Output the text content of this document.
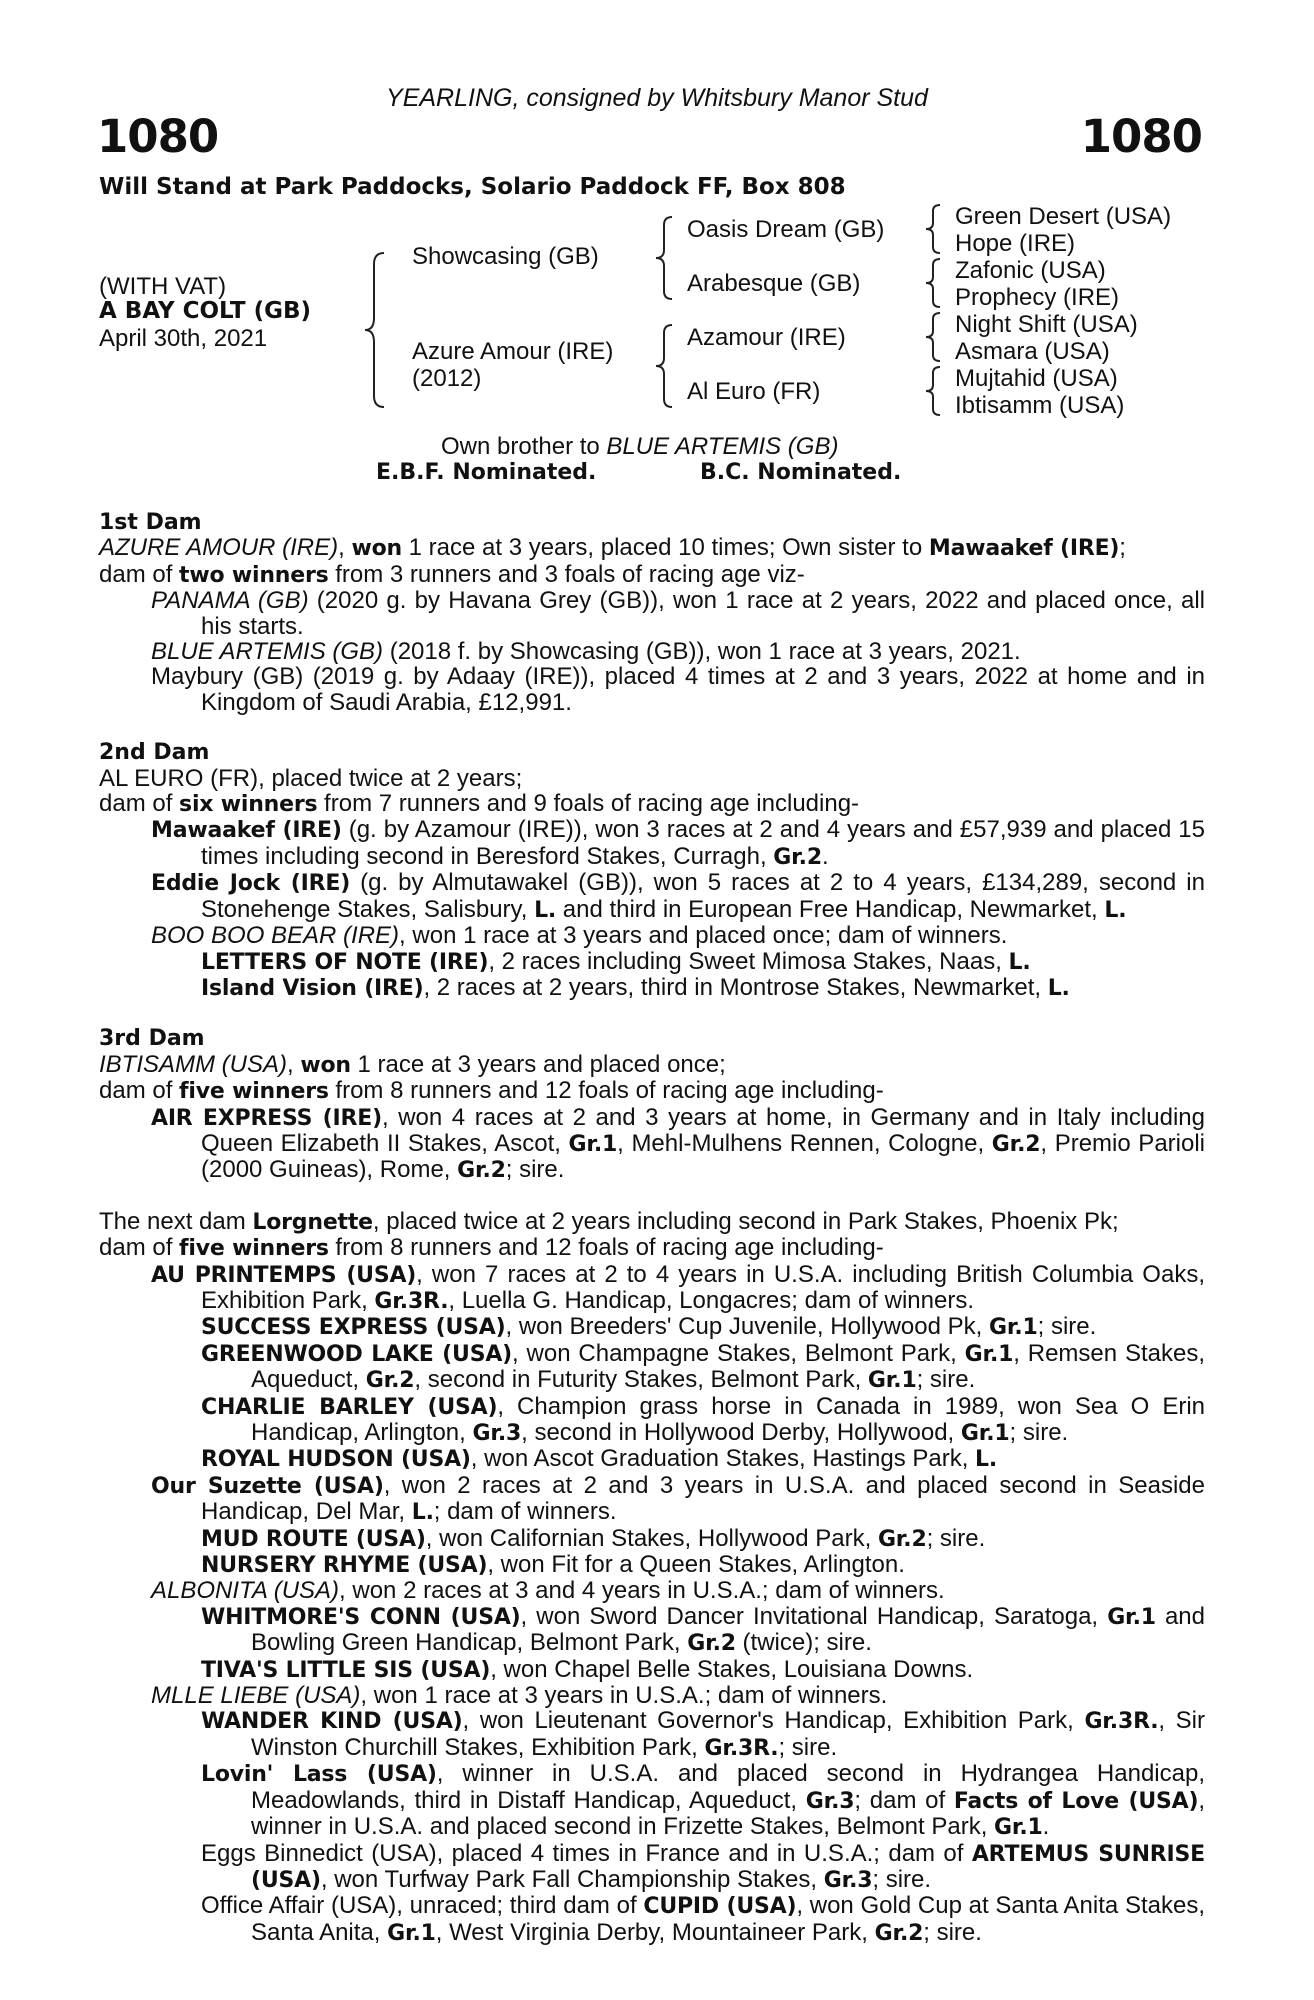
YEARLING, consigned by Whitsbury Manor Stud
1080	1080
Will Stand at Park Paddocks, Solario Paddock FF, Box 808
(WITH VAT)
A BAY COLT (GB)
April 30th, 2021
Showcasing (GB)
Azure Amour (IRE)
(2012)
Oasis Dream (GB)
Arabesque (GB)
Azamour (IRE)
Al Euro (FR)
Green Desert (USA)
Hope (IRE)
Zafonic (USA)
Prophecy (IRE)
Night Shift (USA)
Asmara (USA)
Mujtahid (USA)
Ibtisamm (USA)
Own brother to BLUE ARTEMIS (GB)
E.B.F. Nominated.	B.C. Nominated.

1st Dam

AZURE AMOUR (IRE), won 1 race at 3 years, placed 10 times; Own sister to Mawaakef (IRE);

dam of two winners from 3 runners and 3 foals of racing age viz-

PANAMA (GB) (2020 g. by Havana Grey (GB)), won 1 race at 2 years, 2022 and placed once, all his starts.

BLUE ARTEMIS (GB) (2018 f. by Showcasing (GB)), won 1 race at 3 years, 2021.

Maybury (GB) (2019 g. by Adaay (IRE)), placed 4 times at 2 and 3 years, 2022 at home and in Kingdom of Saudi Arabia, £12,991.

2nd Dam

AL EURO (FR), placed twice at 2 years;

dam of six winners from 7 runners and 9 foals of racing age including-

Mawaakef (IRE) (g. by Azamour (IRE)), won 3 races at 2 and 4 years and £57,939 and placed 15 times including second in Beresford Stakes, Curragh, Gr.2.

Eddie Jock (IRE) (g. by Almutawakel (GB)), won 5 races at 2 to 4 years, £134,289, second in Stonehenge Stakes, Salisbury, L. and third in European Free Handicap, Newmarket, L.

BOO BOO BEAR (IRE), won 1 race at 3 years and placed once; dam of winners.

LETTERS OF NOTE (IRE), 2 races including Sweet Mimosa Stakes, Naas, L.

Island Vision (IRE), 2 races at 2 years, third in Montrose Stakes, Newmarket, L.

3rd Dam

IBTISAMM (USA), won 1 race at 3 years and placed once;

dam of five winners from 8 runners and 12 foals of racing age including-

AIR EXPRESS (IRE), won 4 races at 2 and 3 years at home, in Germany and in Italy including Queen Elizabeth II Stakes, Ascot, Gr.1, Mehl-Mulhens Rennen, Cologne, Gr.2, Premio Parioli (2000 Guineas), Rome, Gr.2; sire.

The next dam Lorgnette, placed twice at 2 years including second in Park Stakes, Phoenix Pk;

dam of five winners from 8 runners and 12 foals of racing age including-

AU PRINTEMPS (USA), won 7 races at 2 to 4 years in U.S.A. including British Columbia Oaks, Exhibition Park, Gr.3R., Luella G. Handicap, Longacres; dam of winners.

SUCCESS EXPRESS (USA), won Breeders' Cup Juvenile, Hollywood Pk, Gr.1; sire.

GREENWOOD LAKE (USA), won Champagne Stakes, Belmont Park, Gr.1, Remsen Stakes, Aqueduct, Gr.2, second in Futurity Stakes, Belmont Park, Gr.1; sire.

CHARLIE BARLEY (USA), Champion grass horse in Canada in 1989, won Sea O Erin Handicap, Arlington, Gr.3, second in Hollywood Derby, Hollywood, Gr.1; sire.

ROYAL HUDSON (USA), won Ascot Graduation Stakes, Hastings Park, L.

Our Suzette (USA), won 2 races at 2 and 3 years in U.S.A. and placed second in Seaside Handicap, Del Mar, L.; dam of winners.

MUD ROUTE (USA), won Californian Stakes, Hollywood Park, Gr.2; sire.

NURSERY RHYME (USA), won Fit for a Queen Stakes, Arlington.

ALBONITA (USA), won 2 races at 3 and 4 years in U.S.A.; dam of winners.

WHITMORE'S CONN (USA), won Sword Dancer Invitational Handicap, Saratoga, Gr.1 and Bowling Green Handicap, Belmont Park, Gr.2 (twice); sire.

TIVA'S LITTLE SIS (USA), won Chapel Belle Stakes, Louisiana Downs.

MLLE LIEBE (USA), won 1 race at 3 years in U.S.A.; dam of winners.

WANDER KIND (USA), won Lieutenant Governor's Handicap, Exhibition Park, Gr.3R., Sir Winston Churchill Stakes, Exhibition Park, Gr.3R.; sire.

Lovin' Lass (USA), winner in U.S.A. and placed second in Hydrangea Handicap, Meadowlands, third in Distaff Handicap, Aqueduct, Gr.3; dam of Facts of Love (USA), winner in U.S.A. and placed second in Frizette Stakes, Belmont Park, Gr.1.

Eggs Binnedict (USA), placed 4 times in France and in U.S.A.; dam of ARTEMUS SUNRISE (USA), won Turfway Park Fall Championship Stakes, Gr.3; sire.

Office Affair (USA), unraced; third dam of CUPID (USA), won Gold Cup at Santa Anita Stakes, Santa Anita, Gr.1, West Virginia Derby, Mountaineer Park, Gr.2; sire.
